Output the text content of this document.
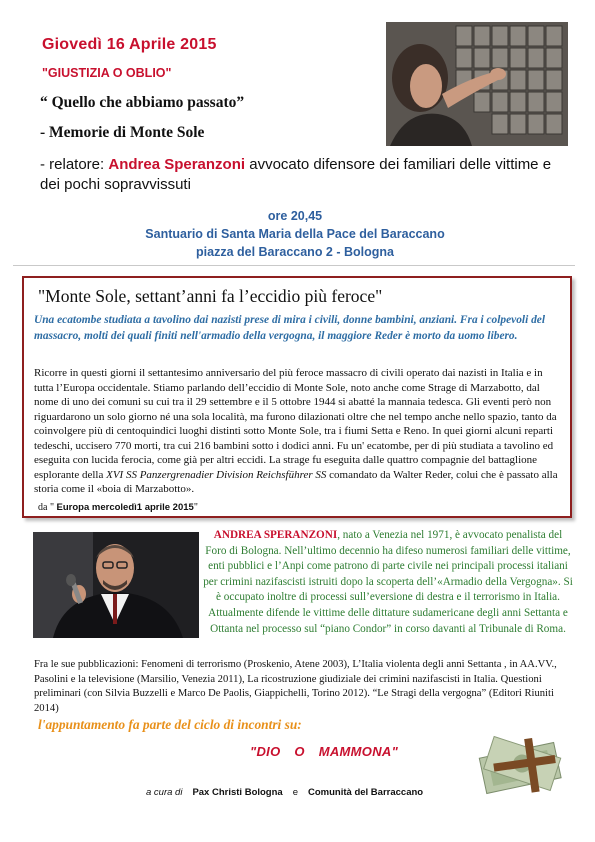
Giovedì 16 Aprile 2015
"GIUSTIZIA O OBLIO"
“ Quello che abbiamo passato”
- Memorie di Monte Sole
- relatore: Andrea Speranzoni avvocato difensore dei familiari delle vittime e dei pochi sopravvissuti
ore 20,45
Santuario di Santa Maria della Pace del Baraccano
piazza del Baraccano 2 - Bologna
"Monte Sole, settant’anni fa l’eccidio più feroce"
Una ecatombe studiata a tavolino dai nazisti prese di mira i civili, donne bambini, anziani. Fra i colpevoli del massacro, molti dei quali finiti nell'armadio della vergogna, il maggiore Reder è morto da uomo libero.
Ricorre in questi giorni il settantesimo anniversario del più feroce massacro di civili operato dai nazisti in Italia e in tutta l’Europa occidentale. Stiamo parlando dell’eccidio di Monte Sole, noto anche come Strage di Marzabotto, dal nome di uno dei comuni su cui tra il 29 settembre e il 5 ottobre 1944 si abatté la mannaia tedesca. Gli eventi però non riguardarono un solo giorno né una sola località, ma furono dilazionati oltre che nel tempo anche nello spazio, tanto da coinvolgere più di centoquindici luoghi distinti sotto Monte Sole, tra i fiumi Setta e Reno. In quei giorni alcuni reparti tedeschi, uccisero 770 morti, tra cui 216 bambini sotto i dodici anni. Fu un' ecatombe, per di più studiata a tavolino ed eseguita con lucida ferocia, come già per altri eccidi. La strage fu eseguita dalle quattro compagnie del battaglione esplorante della XVI SS Panzergrenadier Division Reichsführer SS comandato da Walter Reder, colui che è passato alla storia come il «boia di Marzabotto».
da " Europa mercoledì1 aprile 2015"
ANDREA SPERANZONI, nato a Venezia nel 1971, è avvocato penalista del Foro di Bologna. Nell’ultimo decennio ha difeso numerosi familiari delle vittime, enti pubblici e l’Anpi come patrono di parte civile nei principali processi italiani per crimini nazifascisti istruiti dopo la scoperta dell’«Armadio della Vergogna». Si è occupato inoltre di processi sull’eversione di destra e il terrorismo in Italia. Attualmente difende le vittime delle dittature sudamericane degli anni Settanta e Ottanta nel processo sul “piano Condor” in corso davanti al Tribunale di Roma.
Fra le sue pubblicazioni: Fenomeni di terrorismo (Proskenio, Atene 2003), L’Italia violenta degli anni Settanta , in AA.VV., Pasolini e la televisione (Marsilio, Venezia 2011), La ricostruzione giudiziale dei crimini nazifascisti in Italia. Questioni preliminari (con Silvia Buzzelli e Marco De Paolis, Giappichelli, Torino 2012). “Le Stragi della vergogna” (Editori Riuniti 2014)
l'appuntamento fa parte del ciclo di incontri su:
"DIO O MAMMONA"
a cura di Pax Christi Bologna e Comunità del Barraccano
